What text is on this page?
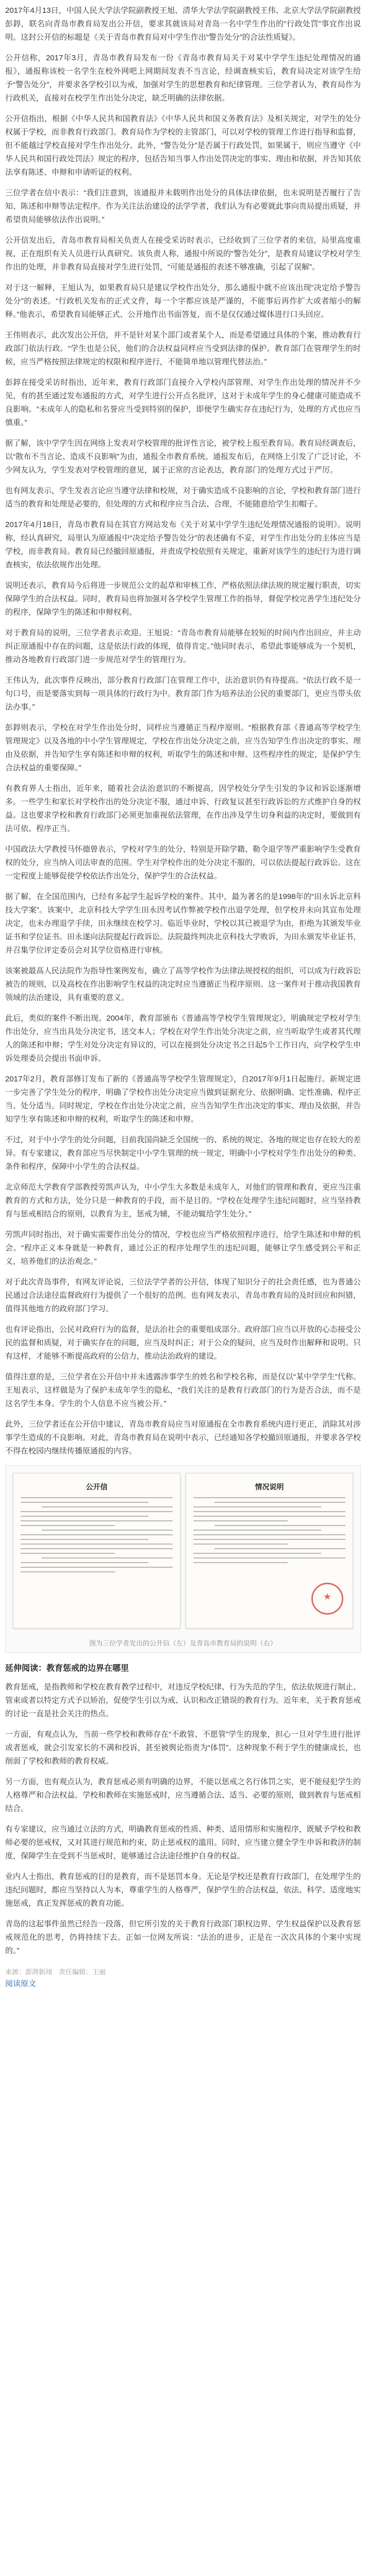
2017年4月13日，中国人民大学法学院副教授王旭、清华大学法学院副教授王伟、北京大学法学院副教授彭錞，联名向青岛市教育局发出公开信，要求其就该局对青岛一名中学生作出的“行政处罚”事宜作出说明。这封公开信的标题是《关于青岛市教育局对中学生作出“警告处分”的合法性质疑》。

公开信称，2017年3月，青岛市教育局发布一份《青岛市教育局关于对某中学学生违纪处理情况的通报》，通报称该校一名学生在校外网吧上网期间发表不当言论，经调查核实后，教育局决定对该学生给予“警告处分”，并要求各学校引以为戒，加强对学生的思想教育和纪律管理。三位学者认为，教育局作为行政机关，直接对在校学生作出处分决定，缺乏明确的法律依据。

公开信指出，根据《中华人民共和国教育法》《中华人民共和国义务教育法》及相关规定，对学生的处分权属于学校，而非教育行政部门。教育局作为学校的主管部门，可以对学校的管理工作进行指导和监督，但不能越过学校直接对学生作出处分。此外，“警告处分”是否属于行政处罚，如果属于，则应当遵守《中华人民共和国行政处罚法》规定的程序，包括告知当事人作出处罚决定的事实、理由和依据，并告知其依法享有陈述、申辩和申请听证的权利。

三位学者在信中表示：“我们注意到，该通报并未载明作出处分的具体法律依据，也未说明是否履行了告知、陈述和申辩等法定程序。作为关注法治建设的法学学者，我们认为有必要就此事向贵局提出质疑，并希望贵局能够依法作出说明。”

公开信发出后，青岛市教育局相关负责人在接受采访时表示，已经收到了三位学者的来信，局里高度重视，正在组织有关人员进行认真研究。该负责人称，通报中所说的“警告处分”，是教育局建议学校对学生作出的处理，并非教育局直接对学生进行处罚，“可能是通报的表述不够准确，引起了误解”。

对于这一解释，王旭认为，如果教育局只是建议学校作出处分，那么通报中就不应该出现“决定给予警告处分”的表述。“行政机关发布的正式文件，每一个字都应该是严谨的，不能事后再作扩大或者缩小的解释。”他表示，希望教育局能够正式、公开地作出书面答复，而不是仅仅通过媒体进行口头回应。

王伟则表示，此次发出公开信，并不是针对某个部门或者某个人，而是希望通过具体的个案，推动教育行政部门依法行政。“学生也是公民，他们的合法权益同样应当受到法律的保护。教育部门在管理学生的时候，应当严格按照法律规定的权限和程序进行，不能简单地以管理代替法治。”

彭錞在接受采访时指出，近年来，教育行政部门直接介入学校内部管理、对学生作出处理的情况并不少见，有的甚至通过发布通报的方式，对学生进行公开点名批评，这对于未成年学生的身心健康可能造成不良影响。“未成年人的隐私和名誉应当受到特别的保护，即便学生确实存在违纪行为，处理的方式也应当慎重。”

据了解，该中学学生因在网络上发表对学校管理的批评性言论，被学校上报至教育局。教育局经调查后，以“散布不当言论、造成不良影响”为由，通报全市教育系统。通报发布后，在网络上引发了广泛讨论，不少网友认为，学生发表对学校管理的意见，属于正常的言论表达，教育部门的处理方式过于严厉。

也有网友表示，学生发表言论应当遵守法律和校规，对于确实造成不良影响的言论，学校和教育部门进行适当的教育和处理是必要的，但处理的方式和程序应当合法、合理，不能随意给学生扣帽子。

2017年4月18日，青岛市教育局在其官方网站发布《关于对某中学学生违纪处理情况通报的说明》。说明称，经认真研究，局里认为原通报中“决定给予警告处分”的表述确有不妥，对学生作出处分的主体应当是学校，而非教育局。教育局已经撤回原通报，并责成学校依照有关规定，重新对该学生的违纪行为进行调查核实，依法依规作出处理。

说明还表示，教育局今后将进一步规范公文的起草和审核工作，严格依照法律法规的规定履行职责，切实保障学生的合法权益。同时，教育局也将加强对各学校学生管理工作的指导，督促学校完善学生违纪处分的程序，保障学生的陈述和申辩权利。

对于教育局的说明，三位学者表示欢迎。王旭说：“青岛市教育局能够在较短的时间内作出回应，并主动纠正原通报中存在的问题，这是依法行政的体现，值得肯定。”他同时表示，希望此事能够成为一个契机，推动各地教育行政部门进一步规范对学生的管理行为。

王伟认为，此次事件反映出，部分教育行政部门在管理工作中，法治意识仍有待提高。“依法行政不是一句口号，而是要落实到每一项具体的行政行为中。教育部门作为培养法治公民的重要部门，更应当带头依法办事。”

彭錞则表示，学校在对学生作出处分时，同样应当遵循正当程序原则。“根据教育部《普通高等学校学生管理规定》以及各地的中小学生管理规定，学校在作出处分决定之前，应当告知学生作出决定的事实、理由及依据，并告知学生享有陈述和申辩的权利，听取学生的陈述和申辩。这些程序性的规定，是保护学生合法权益的重要保障。”

有教育界人士指出，近年来，随着社会法治意识的不断提高，因学校处分学生引发的争议和诉讼逐渐增多。一些学生和家长对学校作出的处分决定不服，通过申诉、行政复议甚至行政诉讼的方式维护自身的权益。这也要求学校和教育行政部门必须更加重视依法管理，在作出涉及学生切身利益的决定时，要做到有法可依、程序正当。

中国政法大学教授马怀德曾表示，学校对学生的处分，特别是开除学籍、勒令退学等严重影响学生受教育权的处分，应当纳入司法审查的范围。学生对学校作出的处分决定不服的，可以依法提起行政诉讼。这在一定程度上能够促使学校依法作出处分，保护学生的合法权益。

据了解，在全国范围内，已经有多起学生起诉学校的案件。其中，最为著名的是1998年的“田永诉北京科技大学案”。该案中，北京科技大学学生田永因考试作弊被学校作出退学处理，但学校并未向其宣布处理决定，也未办理退学手续，田永继续在校学习。临近毕业时，学校以其已被退学为由，拒绝为其颁发毕业证书和学位证书。田永遂向法院提起行政诉讼。法院最终判决北京科技大学败诉，为田永颁发毕业证书，并召集学位评定委员会对其学位资格进行审核。

该案被最高人民法院作为指导性案例发布，确立了高等学校作为法律法规授权的组织，可以成为行政诉讼被告的规则，以及高校在作出影响学生权益的决定时应当遵循正当程序原则。这一案件对于推动我国教育领域的法治建设，具有重要的意义。

此后，类似的案件不断出现。2004年，教育部颁布《普通高等学校学生管理规定》，明确规定学校对学生作出处分，应当出具处分决定书，送交本人；学校在对学生作出处分决定之前，应当听取学生或者其代理人的陈述和申辩；学生对处分决定有异议的，可以在接到处分决定书之日起5个工作日内，向学校学生申诉处理委员会提出书面申诉。

2017年2月，教育部修订发布了新的《普通高等学校学生管理规定》，自2017年9月1日起施行。新规定进一步完善了学生处分的程序，明确了学校作出处分决定应当做到证据充分、依据明确、定性准确、程序正当、处分适当。同时规定，学校在作出处分决定之前，应当告知学生作出决定的事实、理由及依据，并告知学生享有陈述和申辩的权利，听取学生的陈述和申辩。

不过，对于中小学生的处分问题，目前我国尚缺乏全国统一的、系统的规定。各地的规定也存在较大的差异。有专家建议，教育部应当尽快制定中小学生管理的统一规定，明确中小学校对学生作出处分的种类、条件和程序，保障中小学生的合法权益。

北京师范大学教育学部教授劳凯声认为，中小学生大多数是未成年人，对他们的管理和教育，更应当注重教育的方式和方法，处分只是一种教育的手段，而不是目的。“学校在处理学生违纪问题时，应当坚持教育与惩戒相结合的原则，以教育为主，惩戒为辅，不能动辄给学生处分。”

劳凯声同时指出，对于确实需要作出处分的情况，学校也应当严格依照程序进行，给学生陈述和申辩的机会。“程序正义本身就是一种教育，通过公正的程序处理学生的违纪问题，能够让学生感受到公平和正义，培养他们的法治观念。”

对于此次青岛事件，有网友评论说，三位法学学者的公开信，体现了知识分子的社会责任感，也为普通公民通过合法途径监督政府行为提供了一个很好的范例。也有网友表示，青岛市教育局的及时回应和纠错，值得其他地方的政府部门学习。

也有评论指出，公民对政府行为的监督，是法治社会的重要组成部分。政府部门应当以开放的心态接受公民的监督和质疑，对于确实存在的问题，应当及时纠正；对于公众的疑问，应当及时作出解释和说明。只有这样，才能够不断提高政府的公信力，推动法治政府的建设。

值得注意的是，三位学者在公开信中并未透露涉事学生的姓名和学校名称，而是仅以“某中学学生”代称。王旭表示，这样做是为了保护未成年学生的隐私，“我们关注的是教育行政部门的行为是否合法，而不是这名学生本身。学生的个人信息不应当被公开。”

此外，三位学者还在公开信中建议，青岛市教育局应当对原通报在全市教育系统内进行更正，消除其对涉事学生造成的不良影响。对此，青岛市教育局在说明中表示，已经通知各学校撤回原通报，并要求各学校不得在校园内继续传播原通报的内容。

公开信	情况说明
★
图为三位学者发出的公开信（左）及青岛市教育局的说明（右）
延伸阅读：教育惩戒的边界在哪里

教育惩戒，是指教师和学校在教育教学过程中，对违反学校纪律、行为失范的学生，依法依规进行制止、管束或者以特定方式予以矫治，促使学生引以为戒、认识和改正错误的教育行为。近年来，关于教育惩戒的讨论一直是社会关注的热点。

一方面，有观点认为，当前一些学校和教师存在“不敢管、不愿管”学生的现象，担心一旦对学生进行批评或者惩戒，就会引发家长的不满和投诉，甚至被舆论指责为“体罚”。这种现象不利于学生的健康成长，也削弱了学校和教师的教育权威。

另一方面，也有观点认为，教育惩戒必须有明确的边界，不能以惩戒之名行体罚之实，更不能侵犯学生的人格尊严和合法权益。学校和教师在实施惩戒时，应当遵循合法、适当、必要的原则，做到教育与惩戒相结合。

有专家建议，应当通过立法的方式，明确教育惩戒的性质、种类、适用情形和实施程序，既赋予学校和教师必要的惩戒权，又对其进行规范和约束，防止惩戒权的滥用。同时，应当建立健全学生申诉和救济的制度，保障学生在受到不当惩戒时，能够通过合法途径维护自身的权益。

业内人士指出，教育惩戒的目的是教育，而不是惩罚本身。无论是学校还是教育行政部门，在处理学生的违纪问题时，都应当坚持以人为本，尊重学生的人格尊严，保护学生的合法权益，依法、科学、适度地实施惩戒，真正发挥惩戒的教育功能。

青岛的这起事件虽然已经告一段落，但它所引发的关于教育行政部门职权边界、学生权益保护以及教育惩戒规范化的思考，仍将持续下去。正如一位网友所说：“法治的进步，正是在一次次具体的个案中实现的。”

来源：澎湃新闻　责任编辑：王丽
阅读原文
